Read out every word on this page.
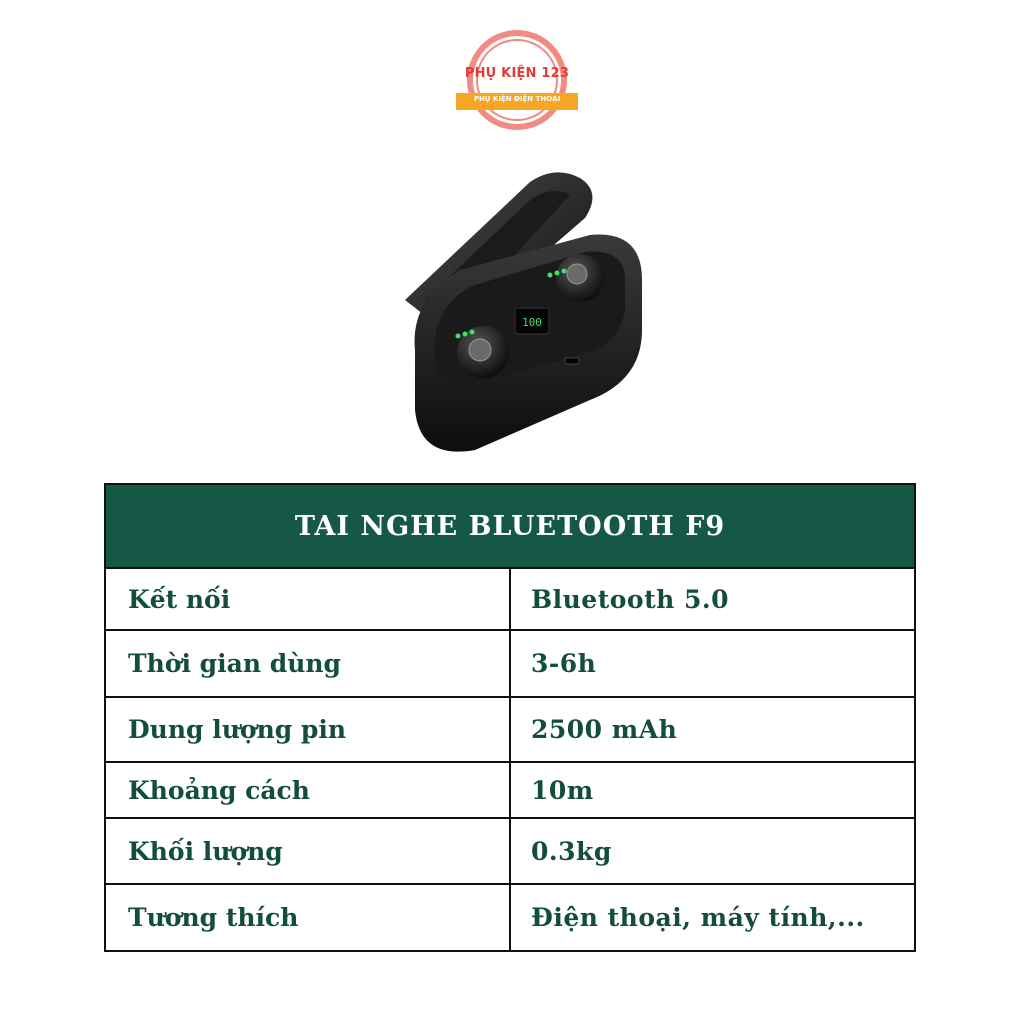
PHỤ KIỆN 123
PHỤ KIỆN ĐIỆN THOẠI
100
TAI NGHE BLUETOOTH F9	
Kết nối	Bluetooth 5.0
Thời gian dùng	3-6h
Dung lượng pin	2500 mAh
Khoảng cách	10m
Khối lượng	0.3kg
Tương thích	Điện thoại, máy tính,...
